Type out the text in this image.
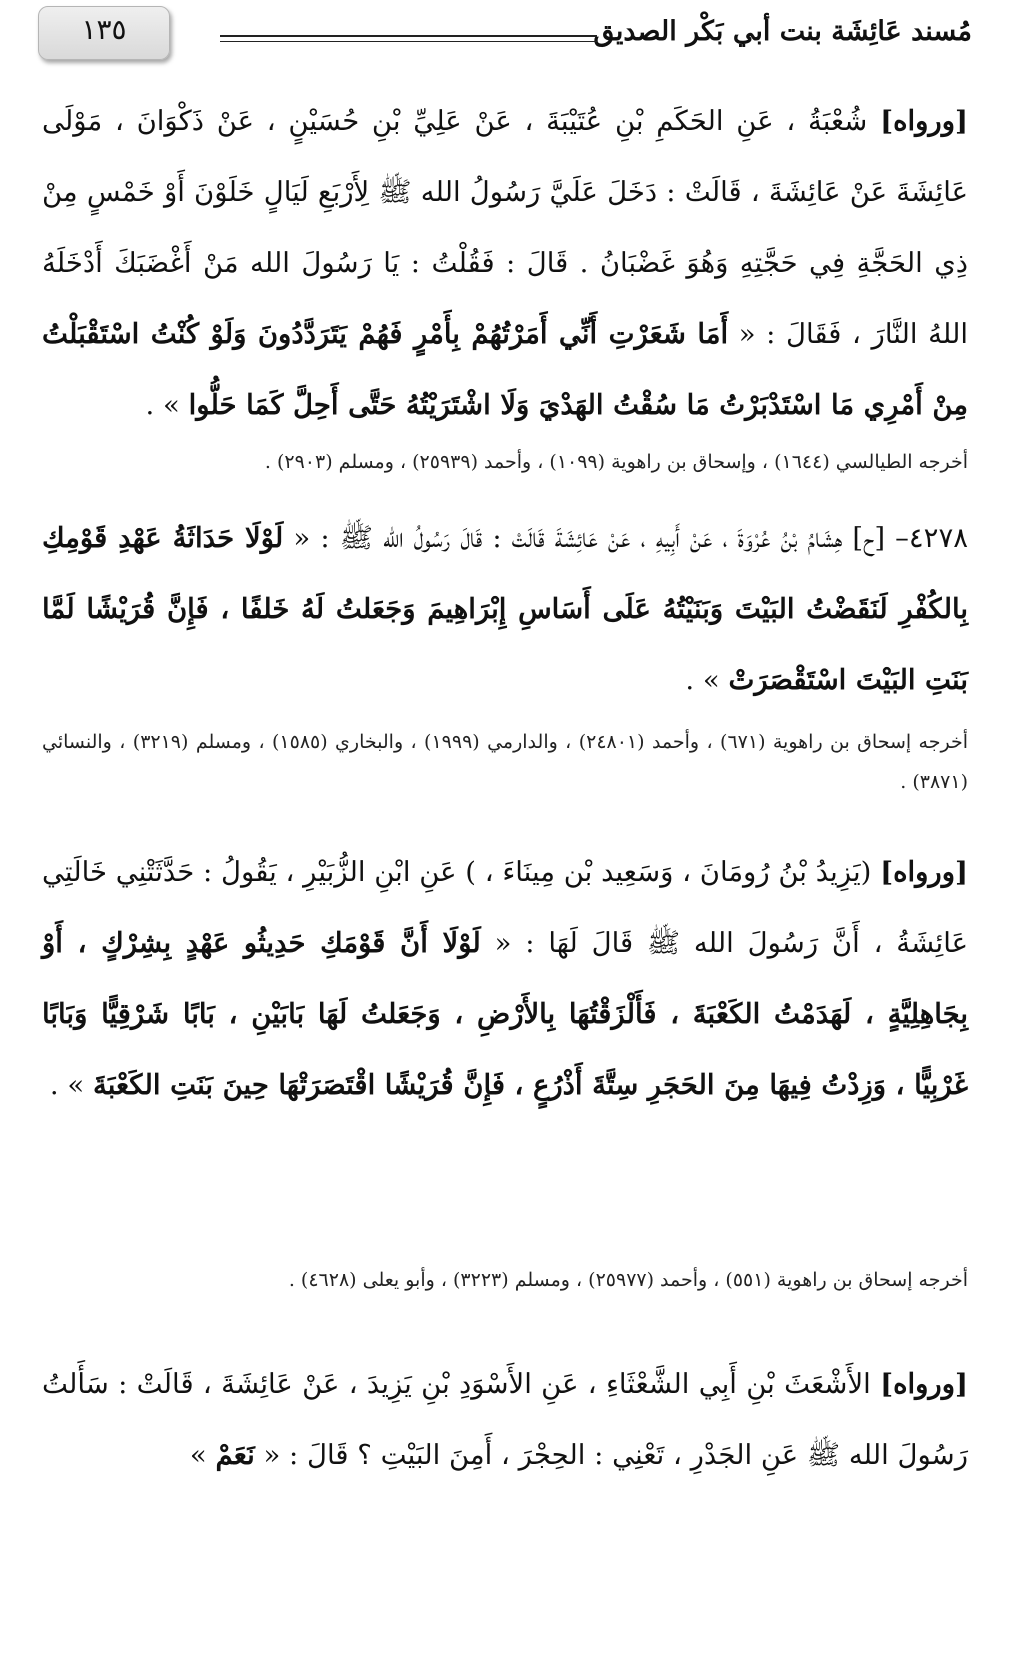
مُسند عَائِشَة بنت أبي بَكْر الصديق
١٣٥

[ورواه] شُعْبَةُ ، عَنِ الحَكَمِ بْنِ عُتَيْبَةَ ، عَنْ عَلِيِّ بْنِ حُسَيْنٍ ، عَنْ ذَكْوَانَ ، مَوْلَى عَائِشَةَ عَنْ عَائِشَةَ ، قَالَتْ : دَخَلَ عَلَيَّ رَسُولُ الله ﷺ لِأَرْبَعِ لَيَالٍ خَلَوْنَ أَوْ خَمْسٍ مِنْ ذِي الحَجَّةِ فِي حَجَّتِهِ وَهُوَ غَضْبَانُ . قَالَ : فَقُلْتُ : يَا رَسُولَ الله مَنْ أَغْضَبَكَ أَدْخَلَهُ اللهُ النَّارَ ، فَقَالَ : « أَمَا شَعَرْتِ أَنِّي أَمَرْتُهُمْ بِأَمْرٍ فَهُمْ يَتَرَدَّدُونَ وَلَوْ كُنْتُ اسْتَقْبَلْتُ مِنْ أَمْرِي مَا اسْتَدْبَرْتُ مَا سُقْتُ الهَدْيَ وَلَا اشْتَرَيْتُهُ حَتَّى أَحِلَّ كَمَا حَلُّوا » .

أخرجه الطيالسي (١٦٤٤) ، وإسحاق بن راهوية (١٠٩٩) ، وأحمد (٢٥٩٣٩) ، ومسلم (٢٩٠٣) .

٤٢٧٨– [ح] هِشَامُ بْنُ عُرْوَةَ ، عَنْ أَبِيهِ ، عَنْ عَائِشَةَ قَالَتْ : قَالَ رَسُولُ الله ﷺ : « لَوْلَا حَدَاثَةُ عَهْدِ قَوْمِكِ بِالكُفْرِ لَنَقَضْتُ البَيْتَ وَبَنَيْتُهُ عَلَى أَسَاسِ إِبْرَاهِيمَ وَجَعَلتُ لَهُ خَلفًا ، فَإِنَّ قُرَيْشًا لَمَّا بَنَتِ البَيْتَ اسْتَقْصَرَتْ » .

أخرجه إسحاق بن راهوية (٦٧١) ، وأحمد (٢٤٨٠١) ، والدارمي (١٩٩٩) ، والبخاري (١٥٨٥) ، ومسلم (٣٢١٩) ، والنسائي (٣٨٧١) .

[ورواه] (يَزِيدُ بْنُ رُومَانَ ، وَسَعِيد بْن مِينَاءَ ، ) عَنِ ابْنِ الزُّبَيْرِ ، يَقُولُ : حَدَّثَتْنِي خَالَتِي عَائِشَةُ ، أَنَّ رَسُولَ الله ﷺ قَالَ لَهَا : « لَوْلَا أَنَّ قَوْمَكِ حَدِيثُو عَهْدٍ بِشِرْكٍ ، أَوْ بِجَاهِلِيَّةٍ ، لَهَدَمْتُ الكَعْبَةَ ، فَأَلْزَقْتُهَا بِالأَرْضِ ، وَجَعَلتُ لَهَا بَابَيْنِ ، بَابًا شَرْقِيًّا وَبَابًا غَرْبِيًّا ، وَزِدْتُ فِيهَا مِنَ الحَجَرِ سِتَّةَ أَذْرُعٍ ، فَإِنَّ قُرَيْشًا اقْتَصَرَتْهَا حِينَ بَنَتِ الكَعْبَةَ » .

أخرجه إسحاق بن راهوية (٥٥١) ، وأحمد (٢٥٩٧٧) ، ومسلم (٣٢٢٣) ، وأبو يعلى (٤٦٢٨) .

[ورواه] الأَشْعَثَ بْنِ أَبِي الشَّعْثَاءِ ، عَنِ الأَسْوَدِ بْنِ يَزِيدَ ، عَنْ عَائِشَةَ ، قَالَتْ : سَأَلتُ رَسُولَ الله ﷺ عَنِ الجَدْرِ ، تَعْنِي : الحِجْرَ ، أَمِنَ البَيْتِ ؟ قَالَ : « نَعَمْ »
